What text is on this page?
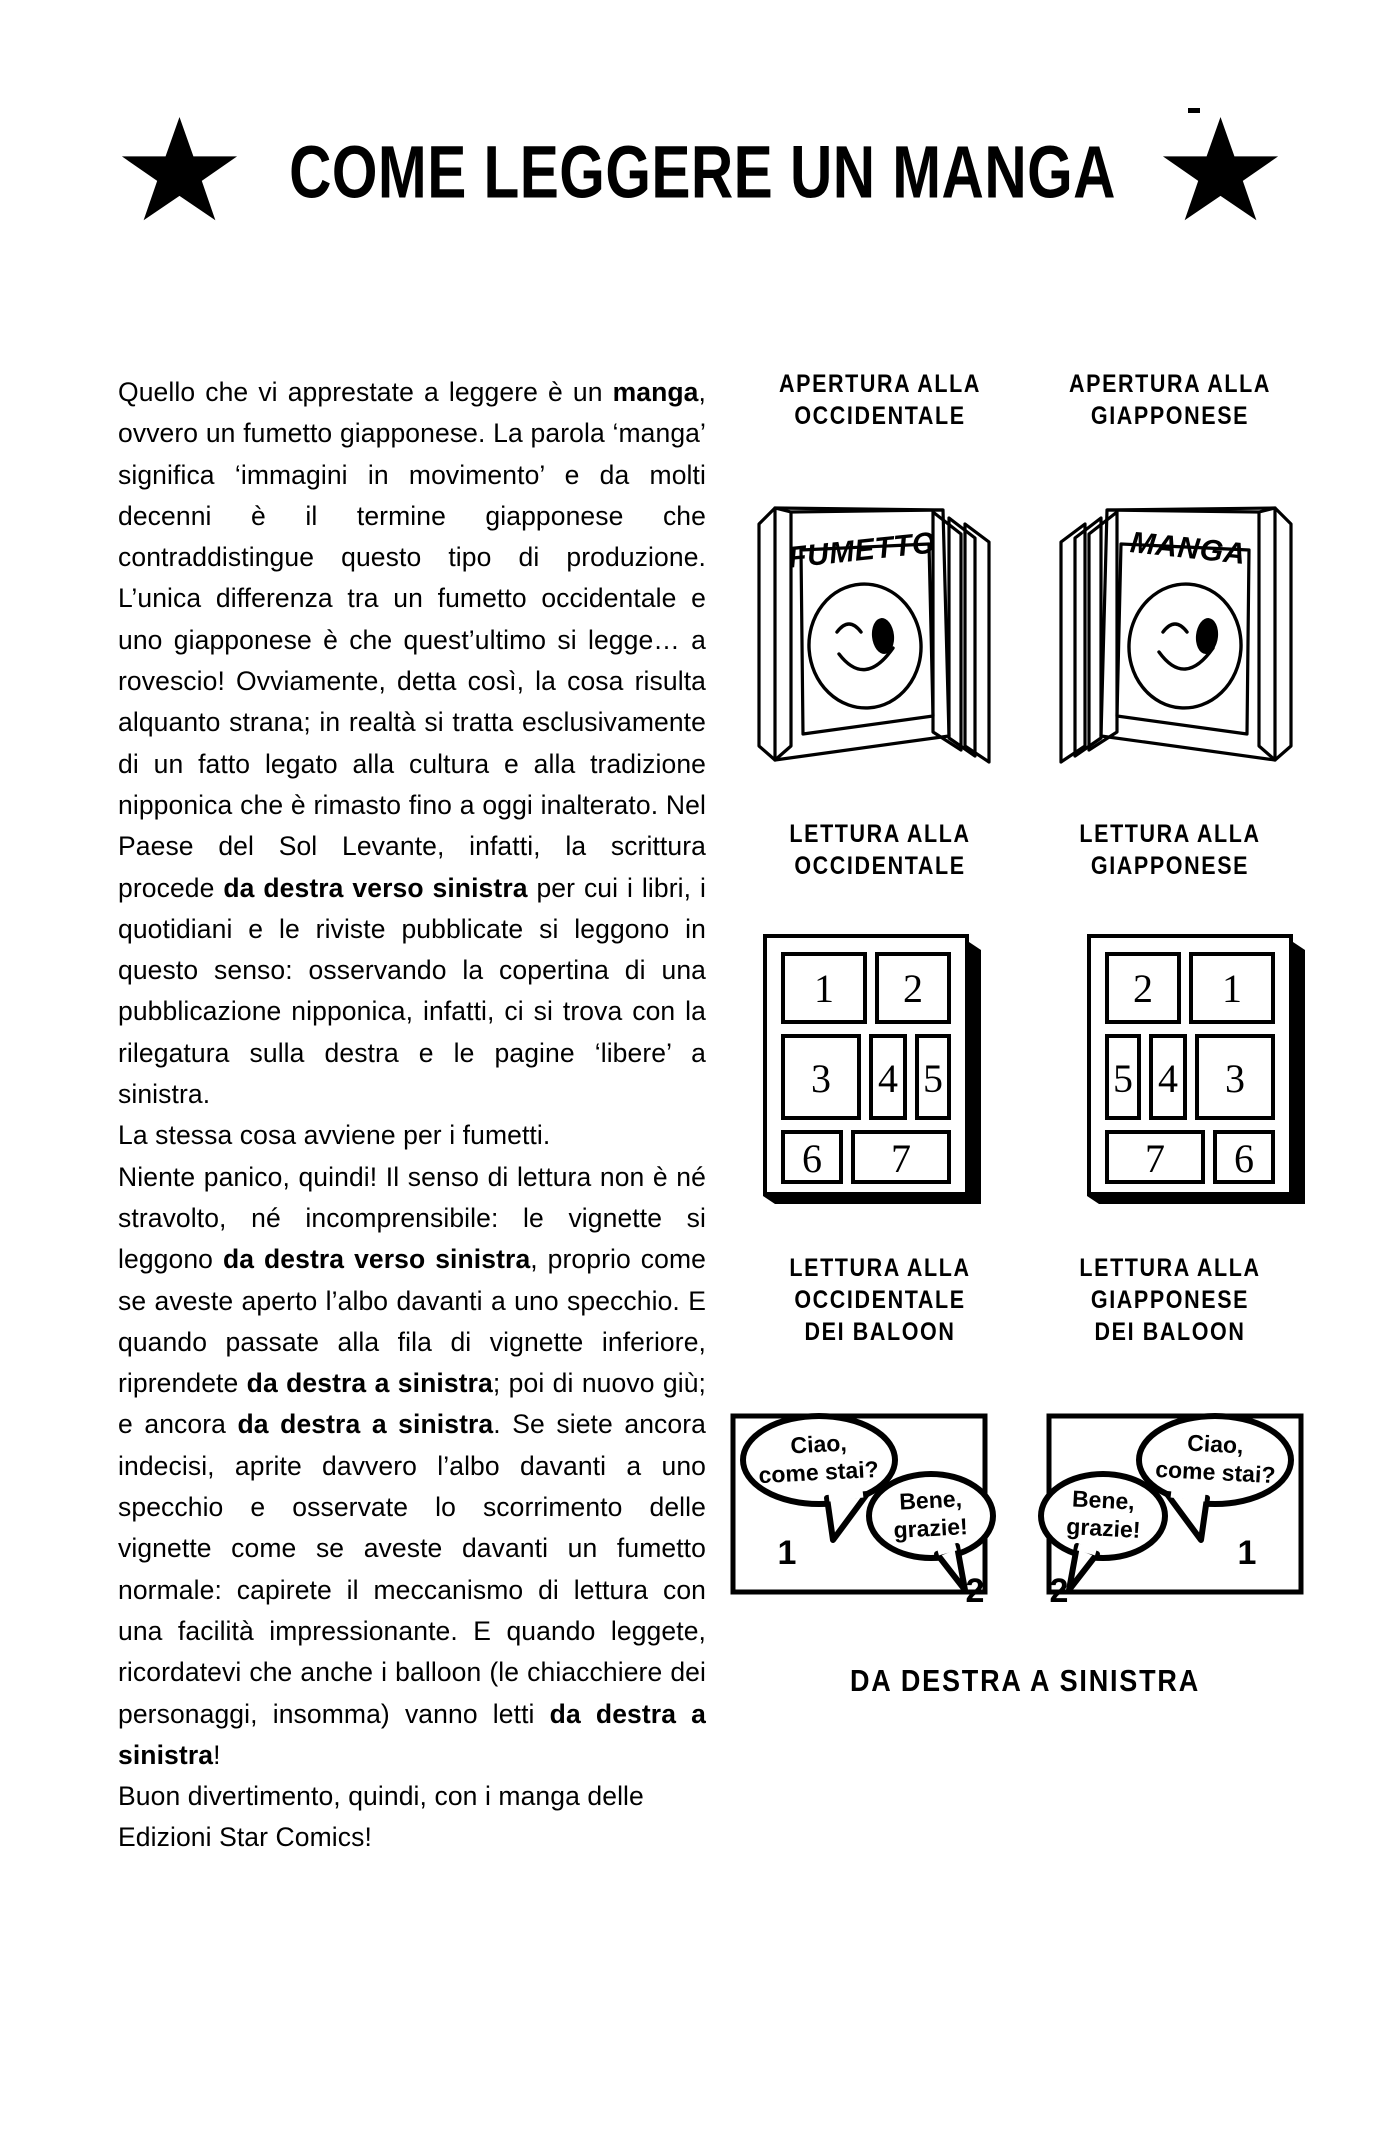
COME LEGGERE UN MANGA

Quello che vi apprestate a leggere è un manga, ovvero un fumetto giapponese. La parola ‘manga’ significa ‘immagini in movimento’ e da molti decenni è il termine giapponese che contraddistingue questo tipo di produzione. L’unica differenza tra un fumetto occidentale e uno giapponese è che quest’ultimo si legge… a rovescio! Ovviamente, detta così, la cosa risulta alquanto strana; in realtà si tratta esclusivamente di un fatto legato alla cultura e alla tradizione nipponica che è rimasto fino a oggi inalterato. Nel Paese del Sol Levante, infatti, la scrittura procede da destra verso sinistra per cui i libri, i quotidiani e le riviste pubblicate si leggono in questo senso: osservando la copertina di una pubblicazione nipponica, infatti, ci si trova con la rilegatura sulla destra e le pagine ‘libere’ a sinistra.

La stessa cosa avviene per i fumetti.

Niente panico, quindi! Il senso di lettura non è né stravolto, né incomprensibile: le vignette si leggono da destra verso sinistra, proprio come se aveste aperto l’albo davanti a uno specchio. E quando passate alla fila di vignette inferiore, riprendete da destra a sinistra; poi di nuovo giù; e ancora da destra a sinistra. Se siete ancora indecisi, aprite davvero l’albo davanti a uno specchio e osservate lo scorrimento delle vignette come se aveste davanti un fumetto normale: capirete il meccanismo di lettura con una facilità impressionante. E quando leggete, ricordatevi che anche i balloon (le chiacchiere dei personaggi, insomma) vanno letti da destra a sinistra!

Buon divertimento, quindi, con i manga delle Edizioni Star Comics!

APERTURA ALLA
OCCIDENTALE
APERTURA ALLA
GIAPPONESE
FUMETTO	MANGA
LETTURA ALLA
OCCIDENTALE
LETTURA ALLA
GIAPPONESE
1 2
3 4 5
6 7
2 1
5 4 3
7 6
LETTURA ALLA
OCCIDENTALE
DEI BALOON
LETTURA ALLA
GIAPPONESE
DEI BALOON
Ciao,
come stai?
Bene,
grazie!
1
2
Ciao,
come stai?
Bene,
grazie!
1
2
DA DESTRA A SINISTRA
